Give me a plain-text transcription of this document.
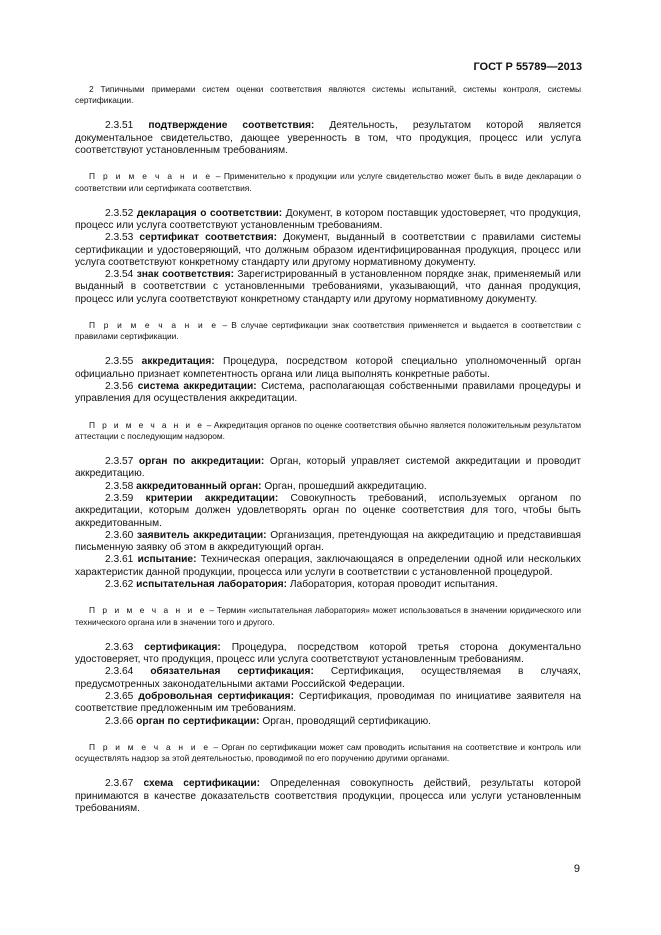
ГОСТ Р 55789—2013

2 Типичными примерами систем оценки соответствия являются системы испытаний, системы контроля, системы сертификации.

2.3.51 подтверждение соответствия: Деятельность, результатом которой является документальное свидетельство, дающее уверенность в том, что продукция, процесс или услуга соответствуют установленным требованиям.

П р и м е ч а н и е – Применительно к продукции или услуге свидетельство может быть в виде декларации о соответствии или сертификата соответствия.

2.3.52 декларация о соответствии: Документ, в котором поставщик удостоверяет, что продукция, процесс или услуга соответствуют установленным требованиям.

2.3.53 сертификат соответствия: Документ, выданный в соответствии с правилами системы сертификации и удостоверяющий, что должным образом идентифицированная продукция, процесс или услуга соответствуют конкретному стандарту или другому нормативному документу.

2.3.54 знак соответствия: Зарегистрированный в установленном порядке знак, применяемый или выданный в соответствии с установленными требованиями, указывающий, что данная продукция, процесс или услуга соответствуют конкретному стандарту или другому нормативному документу.

П р и м е ч а н и е – В случае сертификации знак соответствия применяется и выдается в соответствии с правилами сертификации.

2.3.55 аккредитация: Процедура, посредством которой специально уполномоченный орган официально признает компетентность органа или лица выполнять конкретные работы.

2.3.56 система аккредитации: Система, располагающая собственными правилами процедуры и управления для осуществления аккредитации.

П р и м е ч а н и е – Аккредитация органов по оценке соответствия обычно является положительным результатом аттестации с последующим надзором.

2.3.57 орган по аккредитации: Орган, который управляет системой аккредитации и проводит аккредитацию.

2.3.58 аккредитованный орган: Орган, прошедший аккредитацию.

2.3.59 критерии аккредитации: Совокупность требований, используемых органом по аккредитации, которым должен удовлетворять орган по оценке соответствия для того, чтобы быть аккредитованным.

2.3.60 заявитель аккредитации: Организация, претендующая на аккредитацию и представившая письменную заявку об этом в аккредитующий орган.

2.3.61 испытание: Техническая операция, заключающаяся в определении одной или нескольких характеристик данной продукции, процесса или услуги в соответствии с установленной процедурой.

2.3.62 испытательная лаборатория: Лаборатория, которая проводит испытания.

П р и м е ч а н и е – Термин «испытательная лаборатория» может использоваться в значении юридического или технического органа или в значении того и другого.

2.3.63 сертификация: Процедура, посредством которой третья сторона документально удостоверяет, что продукция, процесс или услуга соответствуют установленным требованиям.

2.3.64 обязательная сертификация: Сертификация, осуществляемая в случаях, предусмотренных законодательными актами Российской Федерации.

2.3.65 добровольная сертификация: Сертификация, проводимая по инициативе заявителя на соответствие предложенным им требованиям.

2.3.66 орган по сертификации: Орган, проводящий сертификацию.

П р и м е ч а н и е – Орган по сертификации может сам проводить испытания на соответствие и контроль или осуществлять надзор за этой деятельностью, проводимой по его поручению другими органами.

2.3.67 схема сертификации: Определенная совокупность действий, результаты которой принимаются в качестве доказательств соответствия продукции, процесса или услуги установленным требованиям.

9
